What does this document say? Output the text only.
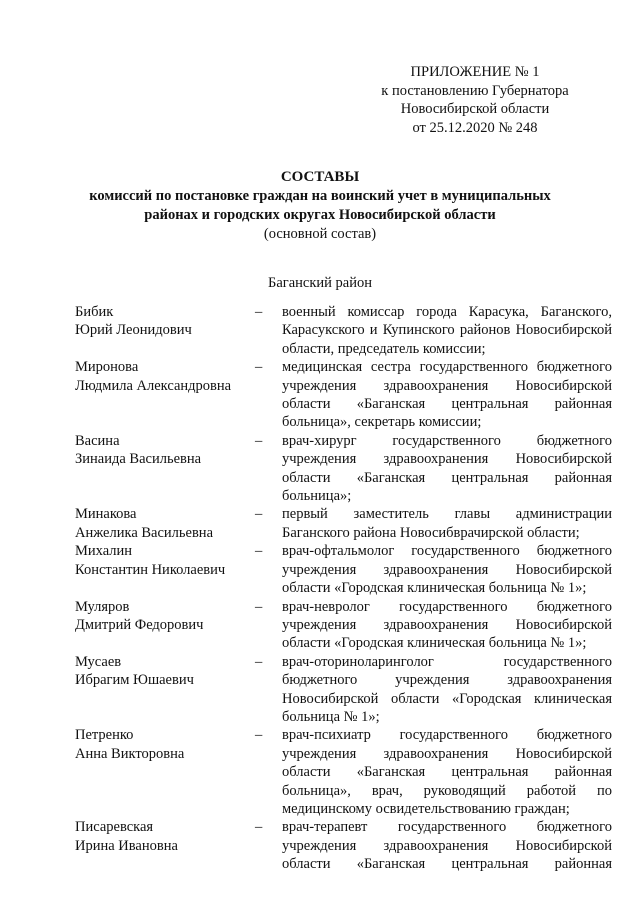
ПРИЛОЖЕНИЕ № 1
к постановлению Губернатора
Новосибирской области
от 25.12.2020 № 248
СОСТАВЫ
комиссий по постановке граждан на воинский учет в муниципальных
районах и городских округах Новосибирской области
(основной состав)
Баганский район
Бибик
Юрий Леонидович
–	военный комиссар города Карасука, Баганского, Карасукского и Купинского районов Новосибирской области, председатель комиссии;
Миронова
Людмила Александровна
–	медицинская сестра государственного бюджетного учреждения здравоохранения Новосибирской области «Баганская центральная районная больница», секретарь комиссии;
Васина
Зинаида Васильевна
–	врач-хирург государственного бюджетного учреждения здравоохранения Новосибирской области «Баганская центральная районная больница»;
Минакова
Анжелика Васильевна
–	первый заместитель главы администрации Баганского района Новосибврачирской области;
Михалин
Константин Николаевич
–	врач-офтальмолог государственного бюджетного учреждения здравоохранения Новосибирской области «Городская клиническая больница № 1»;
Муляров
Дмитрий Федорович
–	врач-невролог государственного бюджетного учреждения здравоохранения Новосибирской области «Городская клиническая больница № 1»;
Мусаев
Ибрагим Юшаевич
–	врач-оториноларинголог государственного бюджетного учреждения здравоохранения Новосибирской области «Городская клиническая больница № 1»;
Петренко
Анна Викторовна
–	врач-психиатр государственного бюджетного учреждения здравоохранения Новосибирской области «Баганская центральная районная больница», врач, руководящий работой по медицинскому освидетельствованию граждан;
Писаревская
Ирина Ивановна
–	врач-терапевт государственного бюджетного учреждения здравоохранения Новосибирской области «Баганская центральная районная
